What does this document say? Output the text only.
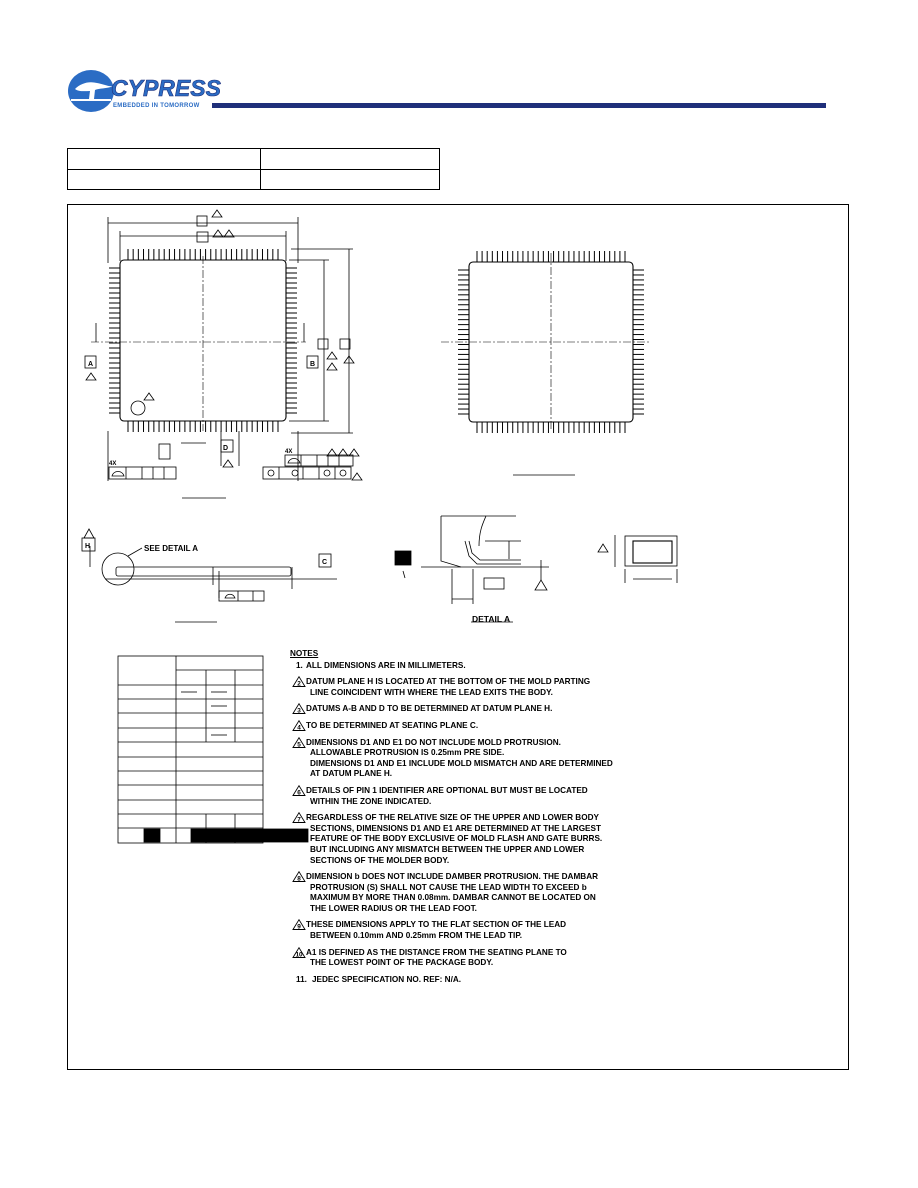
CYPRESS
EMBEDDED IN TOMORROW
A	B
D
4X
4X
H
C
SEE DETAIL A
DETAIL A
NOTES
1. ALL DIMENSIONS ARE IN MILLIMETERS.
2 DATUM PLANE H IS LOCATED AT THE BOTTOM OF THE MOLD PARTING
LINE COINCIDENT WITH WHERE THE LEAD EXITS THE BODY.
3 DATUMS A-B AND D TO BE DETERMINED AT DATUM PLANE H.
4 TO BE DETERMINED AT SEATING PLANE C.
5 DIMENSIONS D1 AND E1 DO NOT INCLUDE MOLD PROTRUSION.
ALLOWABLE PROTRUSION IS 0.25mm PRE SIDE.
DIMENSIONS D1 AND E1 INCLUDE MOLD MISMATCH AND ARE DETERMINED
AT DATUM PLANE H.
6 DETAILS OF PIN 1 IDENTIFIER ARE OPTIONAL BUT MUST BE LOCATED
WITHIN THE ZONE INDICATED.
7 REGARDLESS OF THE RELATIVE SIZE OF THE UPPER AND LOWER BODY
SECTIONS, DIMENSIONS D1 AND E1 ARE DETERMINED AT THE LARGEST
FEATURE OF THE BODY EXCLUSIVE OF MOLD FLASH AND GATE BURRS.
BUT INCLUDING ANY MISMATCH BETWEEN THE UPPER AND LOWER
SECTIONS OF THE MOLDER BODY.
8 DIMENSION b DOES NOT INCLUDE DAMBER PROTRUSION. THE DAMBAR
PROTRUSION (S) SHALL NOT CAUSE THE LEAD WIDTH TO EXCEED b
MAXIMUM BY MORE THAN 0.08mm. DAMBAR CANNOT BE LOCATED ON
THE LOWER RADIUS OR THE LEAD FOOT.
9 THESE DIMENSIONS APPLY TO THE FLAT SECTION OF THE LEAD
BETWEEN 0.10mm AND 0.25mm FROM THE LEAD TIP.
10 A1 IS DEFINED AS THE DISTANCE FROM THE SEATING PLANE TO
THE LOWEST POINT OF THE PACKAGE BODY.
11. JEDEC SPECIFICATION NO. REF: N/A.
